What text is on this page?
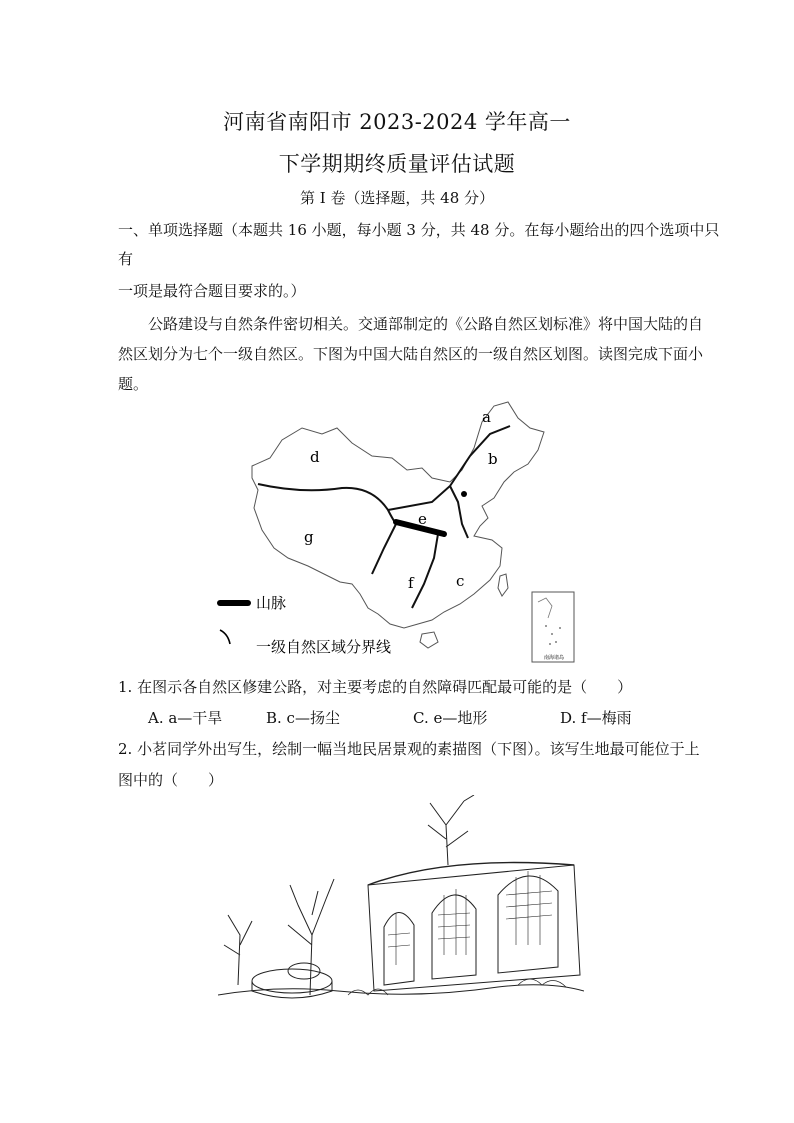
河南省南阳市 2023-2024 学年高一
下学期期终质量评估试题
第 I 卷（选择题，共 48 分）
一、单项选择题（本题共 16 小题，每小题 3 分，共 48 分。在每小题给出的四个选项中只
有
一项是最符合题目要求的。）
公路建设与自然条件密切相关。交通部制定的《公路自然区划标准》将中国大陆的自
然区划分为七个一级自然区。下图为中国大陆自然区的一级自然区划图。读图完成下面小
题。
a
b
c
d
e
f
g
山脉
一级自然区域分界线
南海诸岛
1. 在图示各自然区修建公路，对主要考虑的自然障碍匹配最可能的是（　　）
A. a—干旱	B. c—扬尘	C. e—地形	D. f—梅雨
2. 小茗同学外出写生，绘制一幅当地民居景观的素描图（下图）。该写生地最可能位于上
图中的（　　）
